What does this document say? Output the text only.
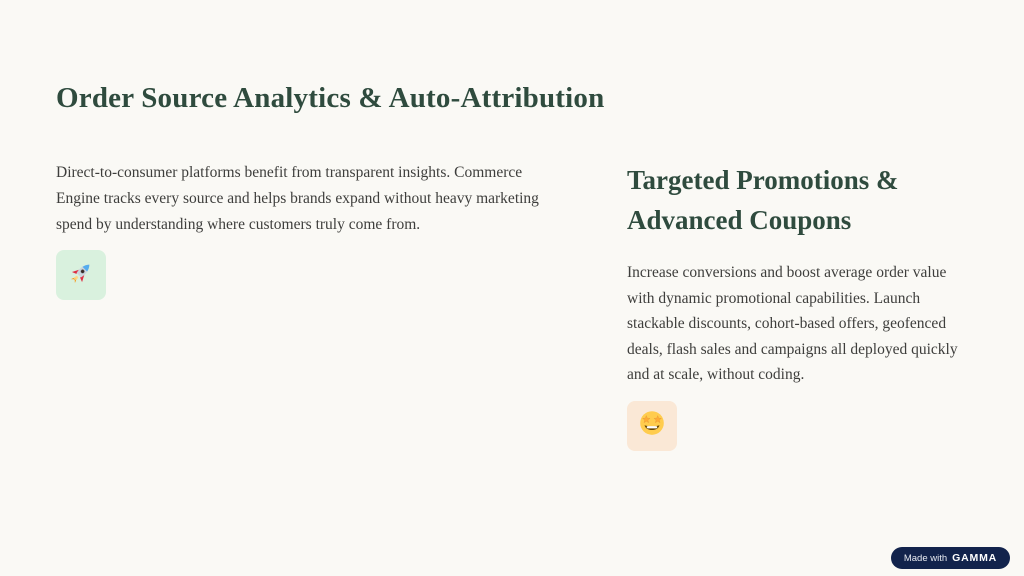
Order Source Analytics & Auto-Attribution

Direct-to-consumer platforms benefit from transparent insights. Commerce Engine tracks every source and helps brands expand without heavy marketing spend by understanding where customers truly come from.

Targeted Promotions & Advanced Coupons

Increase conversions and boost average order value with dynamic promotional capabilities. Launch stackable discounts, cohort-based offers, geofenced deals, flash sales and campaigns all deployed quickly and at scale, without coding.

Made with GAMMA
